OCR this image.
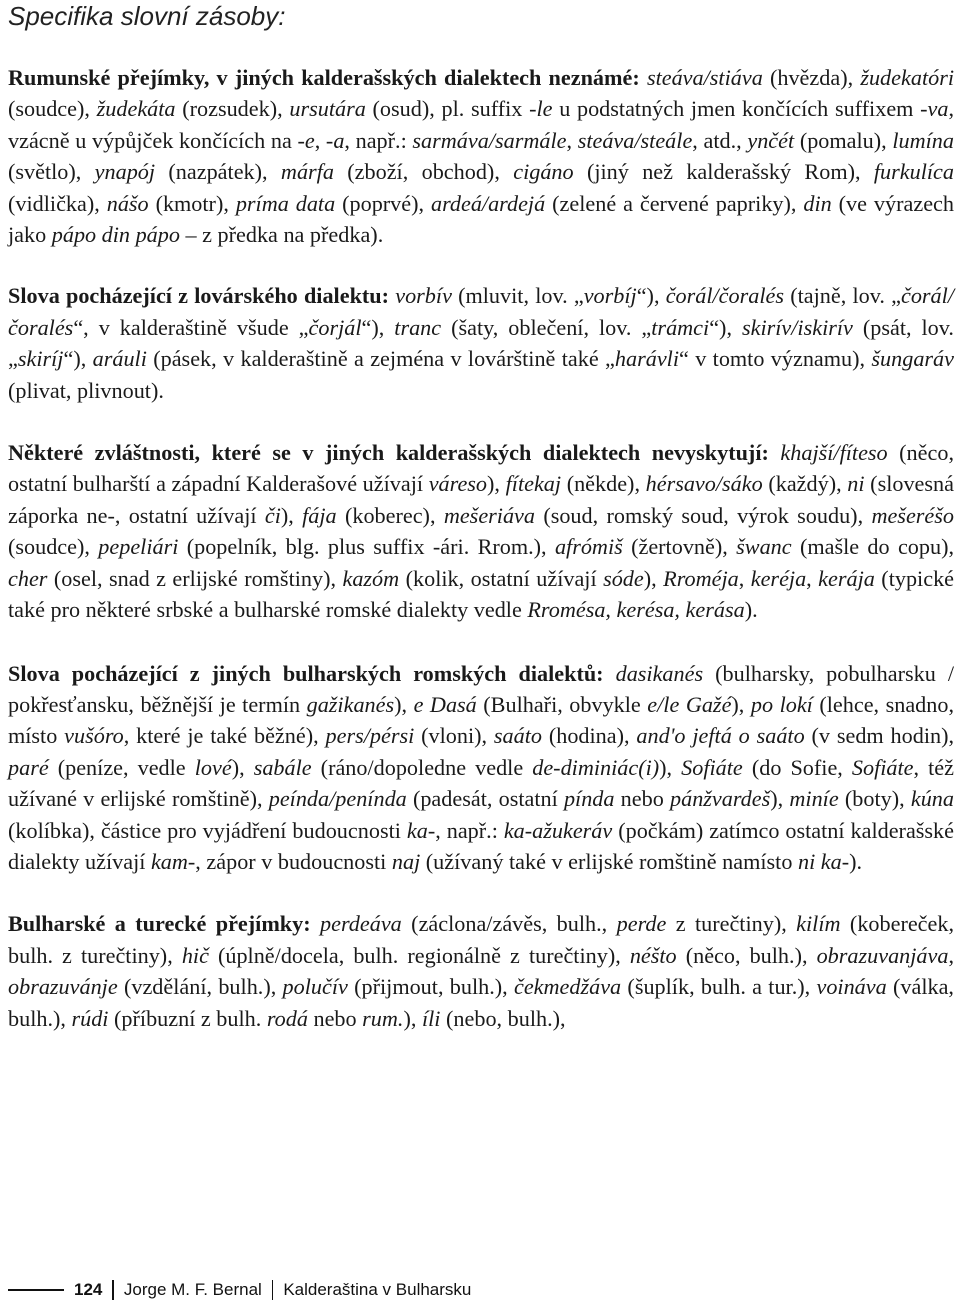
Specifika slovní zásoby:

Rumunské přejímky, v jiných kalderašských dialektech neznámé: steáva/stiáva (hvězda), žudekatóri (soudce), žudekáta (rozsudek), ursutára (osud), pl. suffix -le u podstatných jmen končících suffixem -va, vzácně u výpůjček končících na -e, -a, např.: sarmáva/sarmále, steáva/steále, atd., ynčét (pomalu), lumína (světlo), ynapój (nazpátek), márfa (zboží, obchod), cigáno (jiný než kalderašský Rom), furkulíca (vidlička), nášo (kmotr), príma data (poprvé), ardeá/ardejá (zelené a červené papriky), din (ve výrazech jako pápo din pápo – z předka na předka).

Slova pocházející z lovárského dialektu: vorbív (mluvit, lov. „vorbíj“), čorál/čoralés (tajně, lov. „čorál/čoralés“, v kalderaštině všude „čorjál“), tranc (šaty, oblečení, lov. „trámci“), skirív/iskirív (psát, lov. „skiríj“), aráuli (pásek, v kalderaštině a zejména v lovárštině také „harávli“ v tomto významu), šungaráv (plivat, plivnout).

Některé zvláštnosti, které se v jiných kalderašských dialektech nevyskytují: khajší/fíteso (něco, ostatní bulharští a západní Kalderašové užívají váreso), fítekaj (někde), hérsavo/sáko (každý), ni (slovesná záporka ne-, ostatní užívají či), fája (koberec), mešeriáva (soud, romský soud, výrok soudu), mešeréšo (soudce), pepeliári (popelník, blg. plus suffix -ári. Rrom.), afrómiš (žertovně), šwanc (mašle do copu), cher (osel, snad z erlijské romštiny), kazóm (kolik, ostatní užívají sóde), Rroméja, keréja, kerája (typické také pro některé srbské a bulharské romské dialekty vedle Rromésa, kerésa, kerása).

Slova pocházející z jiných bulharských romských dialektů: dasikanés (bulharsky, pobulharsku / pokřesťansku, běžnější je termín gažikanés), e Dasá (Bulhaři, obvykle e/le Gažé), po lokí (lehce, snadno, místo vušóro, které je také běžné), pers/pérsi (vloni), saáto (hodina), and'o jeftá o saáto (v sedm hodin), paré (peníze, vedle lové), sabále (ráno/dopoledne vedle de-diminiác(i)), Sofiáte (do Sofie, Sofiáte, též užívané v erlijské romštině), peínda/penínda (padesát, ostatní pínda nebo pánžvardeš), miníe (boty), kúna (kolíbka), částice pro vyjádření budoucnosti ka-, např.: ka-ažukeráv (počkám) zatímco ostatní kalderašské dialekty užívají kam-, zápor v budoucnosti naj (užívaný také v erlijské romštině namísto ni ka-).

Bulharské a turecké přejímky: perdeáva (záclona/závěs, bulh., perde z turečtiny), kilím (kobereček, bulh. z turečtiny), hič (úplně/docela, bulh. regionálně z turečtiny), néšto (něco, bulh.), obrazuvanjáva, obrazuvánje (vzdělání, bulh.), polučív (přijmout, bulh.), čekmedžáva (šuplík, bulh. a tur.), voináva (válka, bulh.), rúdi (příbuzní z bulh. rodá nebo rum.), íli (nebo, bulh.),

124 Jorge M. F. Bernal Kalderaština v Bulharsku
